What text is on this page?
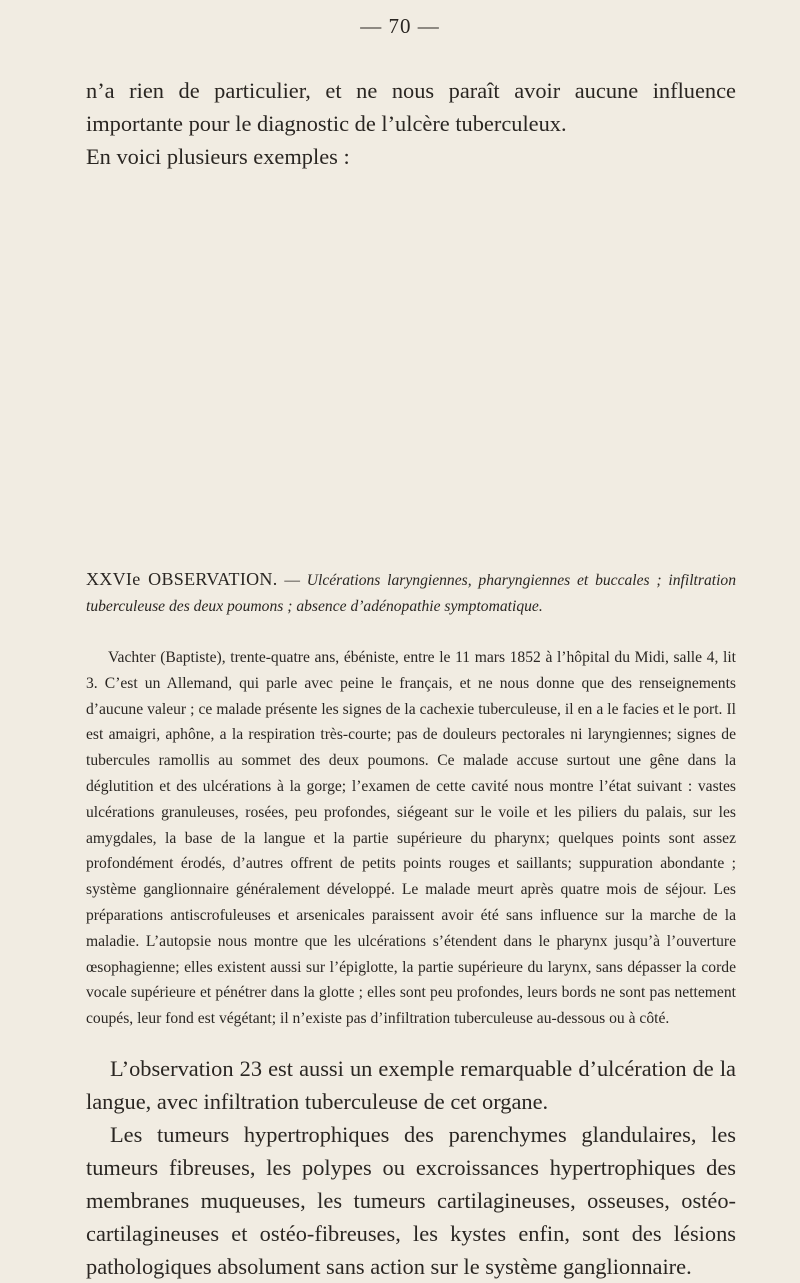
— 70 —

n’a rien de particulier, et ne nous paraît avoir aucune influence importante pour le diagnostic de l’ulcère tuberculeux.

En voici plusieurs exemples :

XXVIe OBSERVATION. — Ulcérations laryngiennes, pharyngiennes et buccales ; infiltration tuberculeuse des deux poumons ; absence d’adénopathie symptomatique.

Vachter (Baptiste), trente-quatre ans, ébéniste, entre le 11 mars 1852 à l’hôpital du Midi, salle 4, lit 3. C’est un Allemand, qui parle avec peine le français, et ne nous donne que des renseignements d’aucune valeur ; ce malade présente les signes de la cachexie tuberculeuse, il en a le facies et le port. Il est amaigri, aphône, a la respiration très-courte; pas de douleurs pectorales ni laryngiennes; signes de tubercules ramollis au sommet des deux poumons. Ce malade accuse surtout une gêne dans la déglutition et des ulcérations à la gorge; l’examen de cette cavité nous montre l’état suivant : vastes ulcérations granuleuses, rosées, peu profondes, siégeant sur le voile et les piliers du palais, sur les amygdales, la base de la langue et la partie supérieure du pharynx; quelques points sont assez profondément érodés, d’autres offrent de petits points rouges et saillants; suppuration abondante ; système ganglionnaire généralement développé. Le malade meurt après quatre mois de séjour. Les préparations antiscrofuleuses et arsenicales paraissent avoir été sans influence sur la marche de la maladie. L’autopsie nous montre que les ulcérations s’étendent dans le pharynx jusqu’à l’ouverture œsophagienne; elles existent aussi sur l’épiglotte, la partie supérieure du larynx, sans dépasser la corde vocale supérieure et pénétrer dans la glotte ; elles sont peu profondes, leurs bords ne sont pas nettement coupés, leur fond est végétant; il n’existe pas d’infiltration tuberculeuse au-dessous ou à côté.

L’observation 23 est aussi un exemple remarquable d’ulcération de la langue, avec infiltration tuberculeuse de cet organe.
Les tumeurs hypertrophiques des parenchymes glandulaires, les tumeurs fibreuses, les polypes ou excroissances hypertrophiques des membranes muqueuses, les tumeurs cartilagineuses, osseuses, ostéo-cartilagineuses et ostéo-fibreuses, les kystes enfin, sont des lésions pathologiques absolument sans action sur le système ganglionnaire.
